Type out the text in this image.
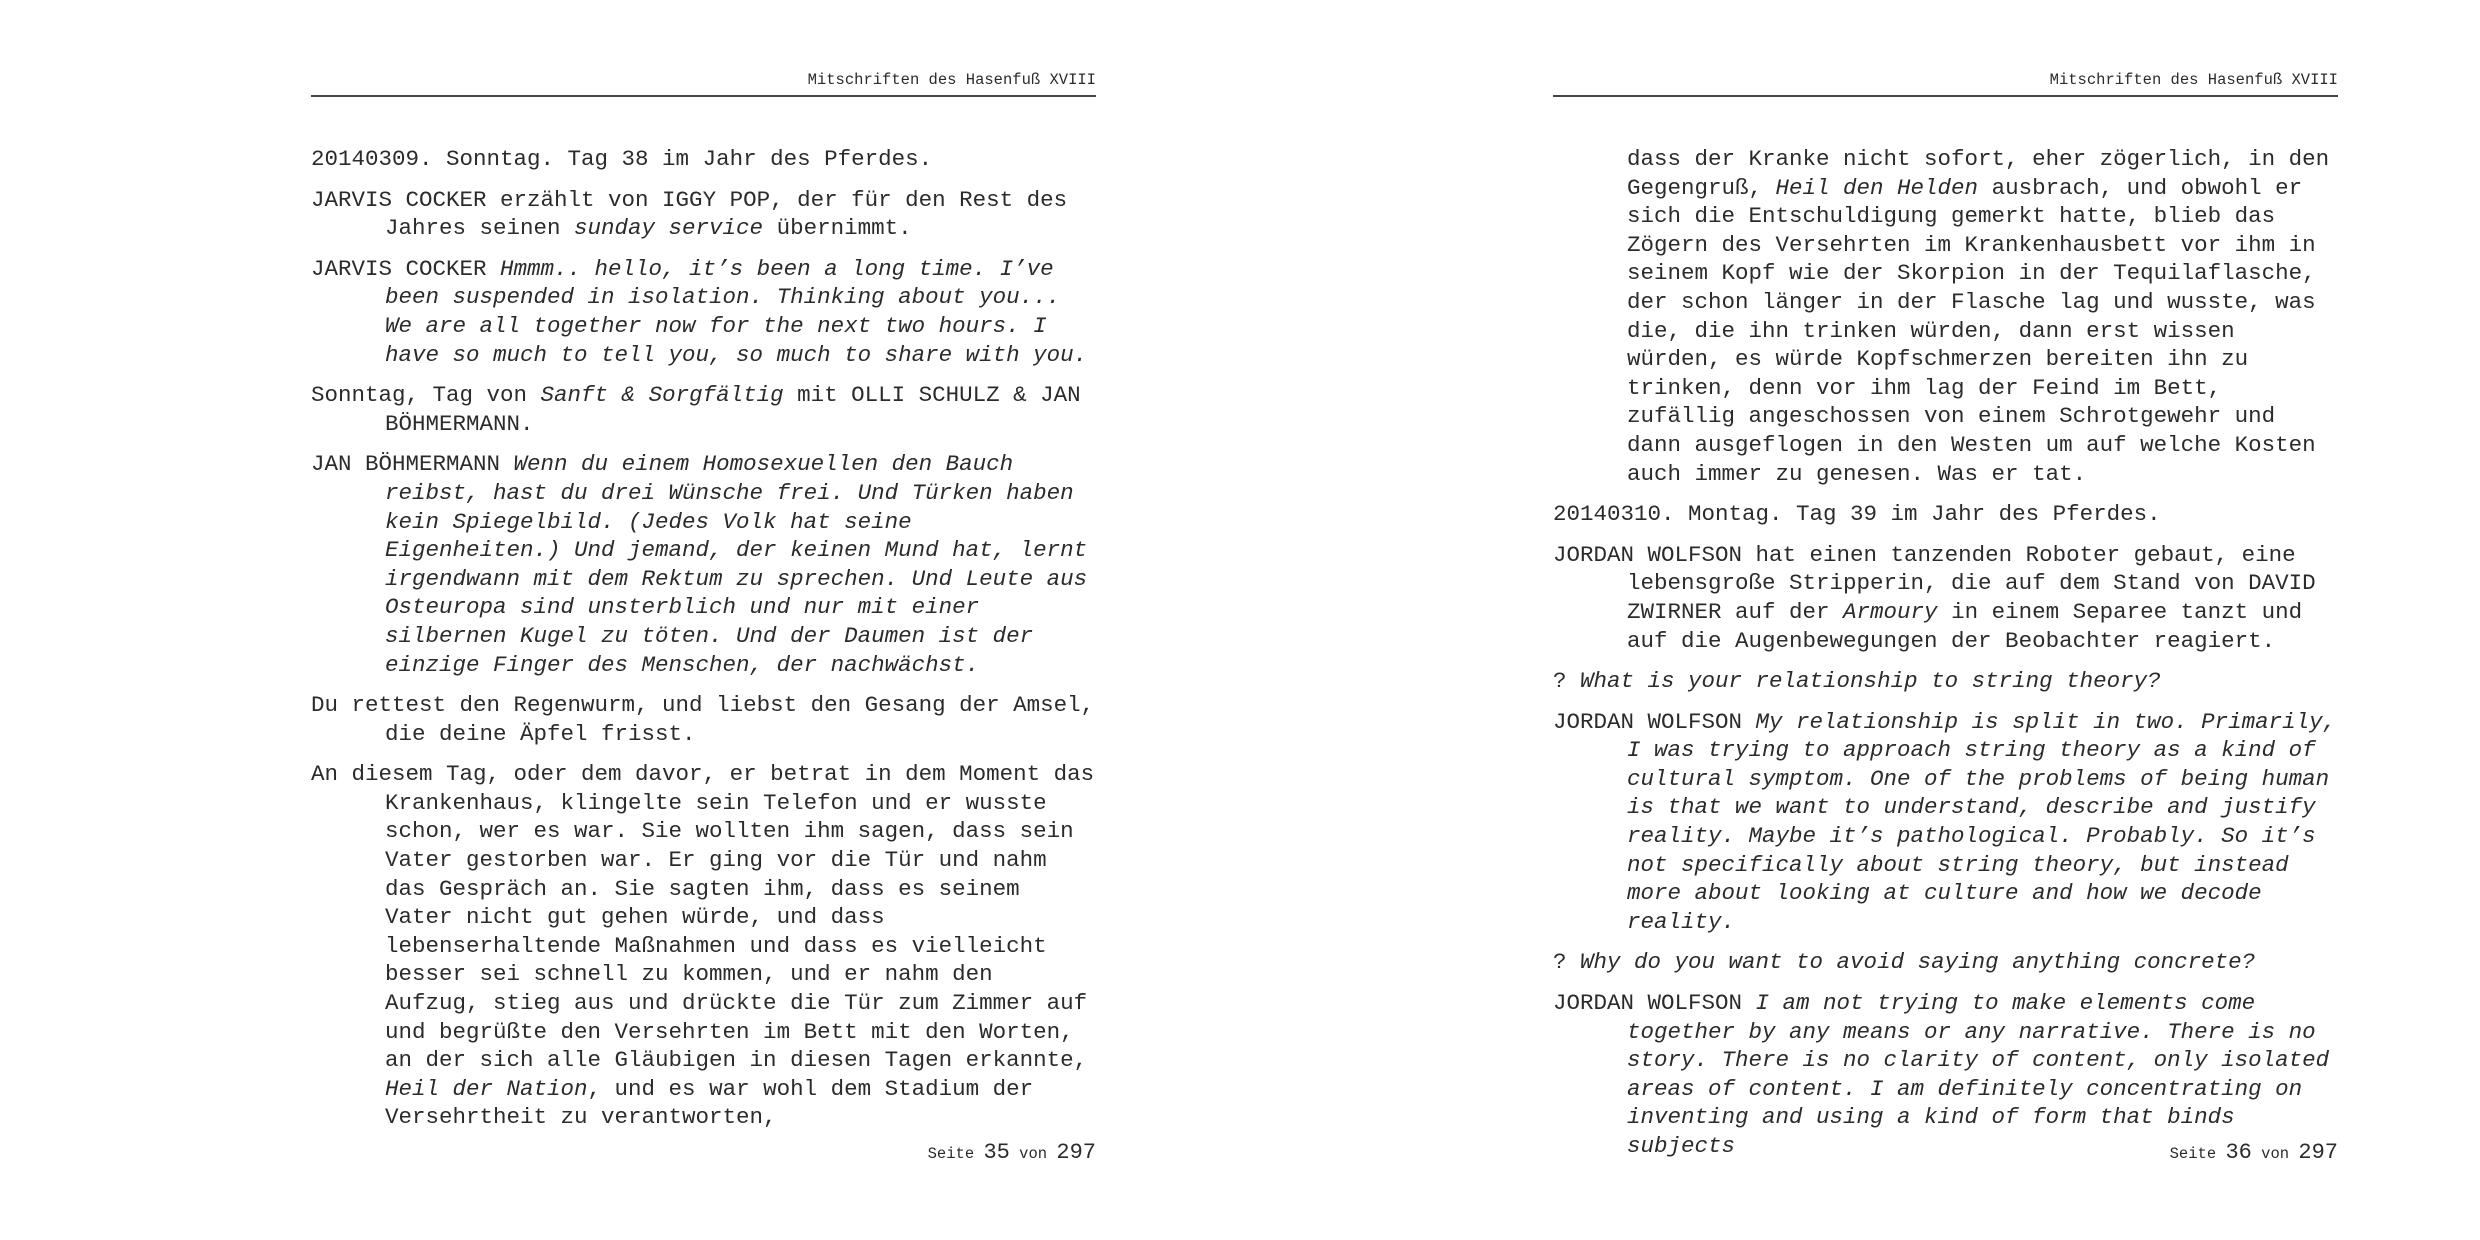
Mitschriften des Hasenfuß XVIII

20140309. Sonntag. Tag 38 im Jahr des Pferdes.

JARVIS COCKER erzählt von IGGY POP, der für den Rest des Jahres seinen sunday service übernimmt.

JARVIS COCKER Hmmm.. hello, it’s been a long time. I’ve been suspended in isolation. Thinking about you... We are all together now for the next two hours. I have so much to tell you, so much to share with you.

Sonntag, Tag von Sanft & Sorgfältig mit OLLI SCHULZ & JAN BÖHMERMANN.

JAN BÖHMERMANN Wenn du einem Homosexuellen den Bauch reibst, hast du drei Wünsche frei. Und Türken haben kein Spiegelbild. (Jedes Volk hat seine Eigenheiten.) Und jemand, der keinen Mund hat, lernt irgendwann mit dem Rektum zu sprechen. Und Leute aus Osteuropa sind unsterblich und nur mit einer silbernen Kugel zu töten. Und der Daumen ist der einzige Finger des Menschen, der nachwächst.

Du rettest den Regenwurm, und liebst den Gesang der Amsel, die deine Äpfel frisst.

An diesem Tag, oder dem davor, er betrat in dem Moment das Krankenhaus, klingelte sein Telefon und er wusste schon, wer es war. Sie wollten ihm sagen, dass sein Vater gestorben war. Er ging vor die Tür und nahm das Gespräch an. Sie sagten ihm, dass es seinem Vater nicht gut gehen würde, und dass lebenserhaltende Maßnahmen und dass es vielleicht besser sei schnell zu kommen, und er nahm den Aufzug, stieg aus und drückte die Tür zum Zimmer auf und begrüßte den Versehrten im Bett mit den Worten, an der sich alle Gläubigen in diesen Tagen erkannte, Heil der Nation, und es war wohl dem Stadium der Versehrtheit zu verantworten,

Seite 35 von 297
Mitschriften des Hasenfuß XVIII

dass der Kranke nicht sofort, eher zögerlich, in den Gegengruß, Heil den Helden ausbrach, und obwohl er sich die Entschuldigung gemerkt hatte, blieb das Zögern des Versehrten im Krankenhausbett vor ihm in seinem Kopf wie der Skorpion in der Tequilaflasche, der schon länger in der Flasche lag und wusste, was die, die ihn trinken würden, dann erst wissen würden, es würde Kopfschmerzen bereiten ihn zu trinken, denn vor ihm lag der Feind im Bett, zufällig angeschossen von einem Schrotgewehr und dann ausgeflogen in den Westen um auf welche Kosten auch immer zu genesen. Was er tat.

20140310. Montag. Tag 39 im Jahr des Pferdes.

JORDAN WOLFSON hat einen tanzenden Roboter gebaut, eine lebensgroße Stripperin, die auf dem Stand von DAVID ZWIRNER auf der Armoury in einem Separee tanzt und auf die Augenbewegungen der Beobachter reagiert.

? What is your relationship to string theory?

JORDAN WOLFSON My relationship is split in two. Primarily, I was trying to approach string theory as a kind of cultural symptom. One of the problems of being human is that we want to understand, describe and justify reality. Maybe it’s pathological. Probably. So it’s not specifically about string theory, but instead more about looking at culture and how we decode reality.

? Why do you want to avoid saying anything concrete?

JORDAN WOLFSON I am not trying to make elements come together by any means or any narrative. There is no story. There is no clarity of content, only isolated areas of content. I am definitely concentrating on inventing and using a kind of form that binds subjects	Seite 36 von 297
